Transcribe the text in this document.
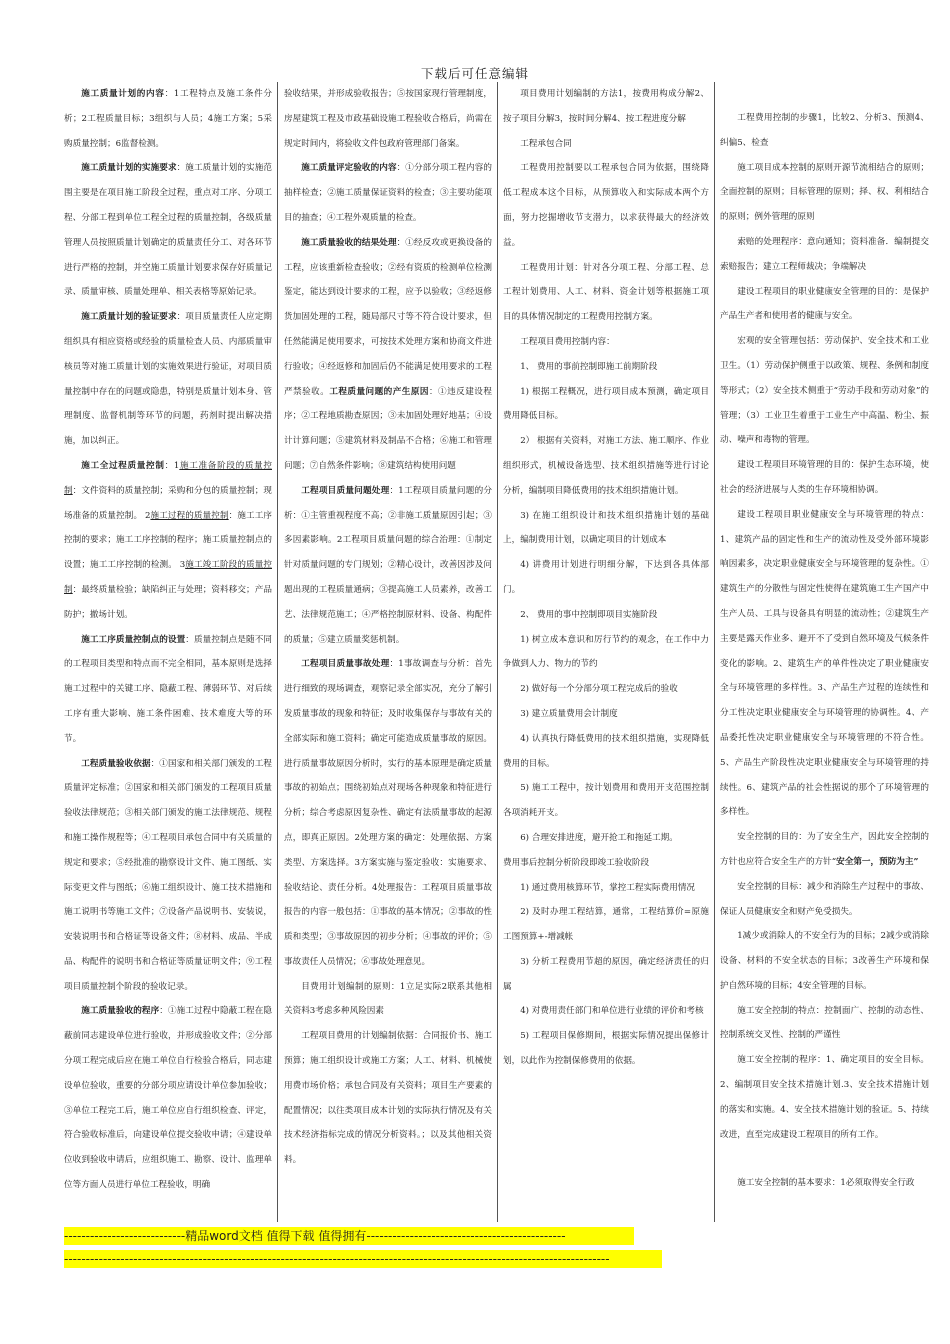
下载后可任意编辑

施工质量计划的内容：1工程特点及施工条件分析；2工程质量目标；3组织与人员；4施工方案；5采购质量控制；6监督检测。

施工质量计划的实施要求：施工质量计划的实施范围主要是在项目施工阶段全过程，重点对工序、分项工程、分部工程到单位工程全过程的质量控制，各级质量管理人员按照质量计划确定的质量责任分工、对各环节进行严格的控制，并空施工质量计划要求保存好质量记录、质量审核、质量处理单、相关表格等原始记录。

施工质量计划的验证要求：项目质量责任人应定期组织具有相应资格或经验的质量检查人员、内部质量审核员等对施工质量计划的实施效果进行验证，对项目质量控制中存在的问题或隐患，特别是质量计划本身、管理制度、监督机制等环节的问题，药剂时提出解决措施，加以纠正。

施工全过程质量控制：1施工准备阶段的质量控制：文件资料的质量控制；采购和分包的质量控制；现场准备的质量控制。 2施工过程的质量控制：施工工序控制的要求；施工工序控制的程序；施工质量控制点的设置；施工工序控制的检测。 3施工竣工阶段的质量控制：最终质量检验；缺陷纠正与处理；资料移交；产品防护；撤场计划。

施工工序质量控制点的设置：质量控制点是随不同的工程项目类型和特点而不完全相同，基本原则是选择施工过程中的关键工序、隐蔽工程、薄弱环节、对后续工序有重大影响、施工条件困难、技术难度大等的环节。

工程质量验收依据：①国家和相关部门颁发的工程质量评定标准；②国家和相关部门颁发的工程项目质量验收法律规范；③相关部门颁发的施工法律规范、规程和施工操作规程等；④工程项目承包合同中有关质量的规定和要求；⑤经批准的勘察设计文件、施工图纸、实际变更文件与图纸；⑥施工组织设计、施工技术措施和施工说明书等施工文件；⑦设备产品说明书、安装说，安装说明书和合格证等设备文件；⑧材料、成品、半成品、构配件的说明书和合格证等质量证明文件；⑨工程项目质量控制个阶段的验收记录。

施工质量验收的程序：①施工过程中隐蔽工程在隐蔽前同志建设单位进行验收，并形成验收文件；②分部分项工程完成后应在施工单位自行检验合格后，同志建设单位验收，重要的分部分项应请设计单位参加验收；③单位工程完工后，施工单位应自行组织检查、评定，符合验收标准后，向建设单位提交验收申请；④建设单位收到验收申请后，应组织施工、勘察、设计、监理单位等方面人员进行单位工程验收，明确

验收结果，并形成验收报告；⑤按国家现行管理制度，房屋建筑工程及市政基础设施工程验收合格后，尚需在规定时间内，将验收文件包政府管理部门备案。

施工质量评定验收的内容：①分部分项工程内容的抽样检查；②施工质量保证资料的检查；③主要功能项目的抽查；④工程外观质量的检查。

施工质量验收的结果处理：①经反攻或更换设备的工程，应该重新检查验收；②经有资质的检测单位检测鉴定，能达到设计要求的工程，应予以验收；③经返修货加固处理的工程，随局部尺寸等不符合设计要求，但任然能满足使用要求，可按技术处理方案和协商文件进行验收；④经返修和加固后仍不能满足使用要求的工程严禁验收。工程质量问题的产生原因：①违反建设程序；②工程地质勘查原因；③未加固处理好地基；④设计计算问题；⑤建筑材料及制品不合格；⑥施工和管理问题；⑦自然条件影响；⑧建筑结构使用问题

工程项目质量问题处理：1工程项目质量问题的分析：①主管重视程度不高；②非施工质量原因引起；③多因素影响。2工程项目质量问题的综合治理：①制定针对质量问题的专门规划；②精心设计，改善因涉及问题出现的工程质量通病；③提高施工人员素养，改善工艺、法律规范施工；④严格控制原材料、设备、构配件的质量；⑤建立质量奖惩机制。

工程项目质量事故处理：1事故调查与分析：首先进行细致的现场调查，观察记录全部实况，充分了解引发质量事故的现象和特征；及时收集保存与事故有关的全部实际和施工资料；确定可能造成质量事故的原因。进行质量事故原因分析时，实行的基本原理是确定质量事故的初始点；围绕初始点对现场各种现象和特征进行分析；综合考虑原因复杂性、确定有法质量事故的起源点，即真正原因。2处理方案的确定：处理依据、方案类型、方案选择。3方案实施与鉴定验收：实施要求、验收结论、责任分析。4处理报告：工程项目质量事故报告的内容一般包括：①事故的基本情况；②事故的性质和类型；③事故原因的初步分析；④事故的评价；⑤事故责任人员情况；⑥事故处理意见。

目费用计划编制的原则：1立足实际2联系其他相关资料3考虑多种风险因素

工程项目费用的计划编制依据：合同报价书、施工预算；施工组织设计或施工方案；人工、材料、机械使用费市场价格；承包合同及有关资料；项目生产要素的配置情况；以往类项目成本计划的实际执行情况及有关技术经济指标完成的情况分析资料。；以及其他相关资料。

项目费用计划编制的方法1，按费用构成分解2、按子项目分解3，按时间分解4、按工程进度分解

工程承包合同

工程费用控制要以工程承包合同为依据，围绕降低工程成本这个目标，从预算收入和实际成本两个方面，努力挖掘增收节支潜力，以求获得最大的经济效益。

工程费用计划：针对各分项工程、分部工程、总工程计划费用、人工、材料、资金计划等根据施工项目的具体情况制定的工程费用控制方案。

工程项目费用控制内容：

1、 费用的事前控制即施工前期阶段

1) 根据工程概况，进行项目成本预测，确定项目费用降低目标。

2） 根据有关资料，对施工方法、施工顺序、作业组织形式，机械设备选型、技术组织措施等进行讨论分析，编制项目降低费用的技术组织措施计划。

3) 在施工组织设计和技术组织措施计划的基础上，编制费用计划，以确定项目的计划成本

4) 讲费用计划进行明细分解，下达到各具体部门。

2、 费用的事中控制即项目实施阶段

1) 树立成本意识和厉行节约的观念，在工作中力争做到人力、物力的节约

2) 做好每一个分部分项工程完成后的验收

3) 建立质量费用会计制度

4) 认真执行降低费用的技术组织措施，实现降低费用的目标。

5) 施工工程中，按计划费用和费用开支范围控制各项消耗开支。

6) 合理安排进度，避开抢工和拖延工期。

费用事后控制分析阶段即竣工验收阶段

1) 通过费用核算环节，掌控工程实际费用情况

2) 及时办理工程结算，通常，工程结算价=原施工图预算+-增减帐

3) 分析工程费用节超的原因，确定经济责任的归属

4) 对费用责任部门和单位进行业绩的评价和考核

5) 工程项目保修期间，根据实际情况提出保修计划，以此作为控制保修费用的依据。

工程费用控制的步骤1，比较2、分析3、预测4、纠偏5、检查

施工项目成本控制的原则开源节流相结合的原则；全面控制的原则；目标管理的原则；择、权、利相结合的原则；例外管理的原则

索赔的处理程序：意向通知；资料准备．编制提交索赔报告；建立工程师裁决；争端解决

建设工程项目的职业健康安全管理的目的：是保护产品生产者和使用者的健康与安全。

宏观的安全管理包括：劳动保护、安全技术和工业卫生。（1）劳动保护侧重于以政策、规程、条例和制度等形式；（2）安全技术侧重于“劳动手段和劳动对象”的管理；（3）工业卫生着重于工业生产中高温、粉尘、振动、噪声和毒物的管理。

建设工程项目环境管理的目的：保护生态环境，使社会的经济进展与人类的生存环境相协调。

建设工程项目职业健康安全与环境管理的特点：1、建筑产品的固定性和生产的流动性及受外部环境影响因素多，决定职业健康安全与环境管理的复杂性。①建筑生产的分散性与固定性使得在建筑施工生产国产中生产人员、工具与设备具有明显的流动性；②建筑生产主要是露天作业多、避开不了受到自然环境及气候条件变化的影响。2、建筑生产的单件性决定了职业健康安全与环境管理的多样性。3、产品生产过程的连续性和分工性决定职业健康安全与环境管理的协调性。4、产品委托性决定职业健康安全与环境管理的不符合性。5、产品生产阶段性决定职业健康安全与环境管理的持续性。6、建筑产品的社会性据说的那个了环境管理的多样性。

安全控制的目的：为了安全生产，因此安全控制的方针也应符合安全生产的方针“安全第一，预防为主”

安全控制的目标：减少和消除生产过程中的事故、保证人员健康安全和财产免受损失。

1减少或消除人的不安全行为的目标；2减少或消除设备、材料的不安全状态的目标；3改善生产环境和保护自然环境的目标；4安全管理的目标。

施工安全控制的特点：控制面广、控制的动态性、控制系统交叉性、控制的严谨性

施工安全控制的程序：1、确定项目的安全目标。2、编制项目安全技术措施计划.3、安全技术措施计划的落实和实施。4、安全技术措施计划的验证。5、持续改进，直至完成建设工程项目的所有工作。

施工安全控制的基本要求：1必须取得安全行政

----------------------------精品word文档 值得下载 值得拥有----------------------------------------------
------------------------------------------------------------------------------------------------------------------------------
